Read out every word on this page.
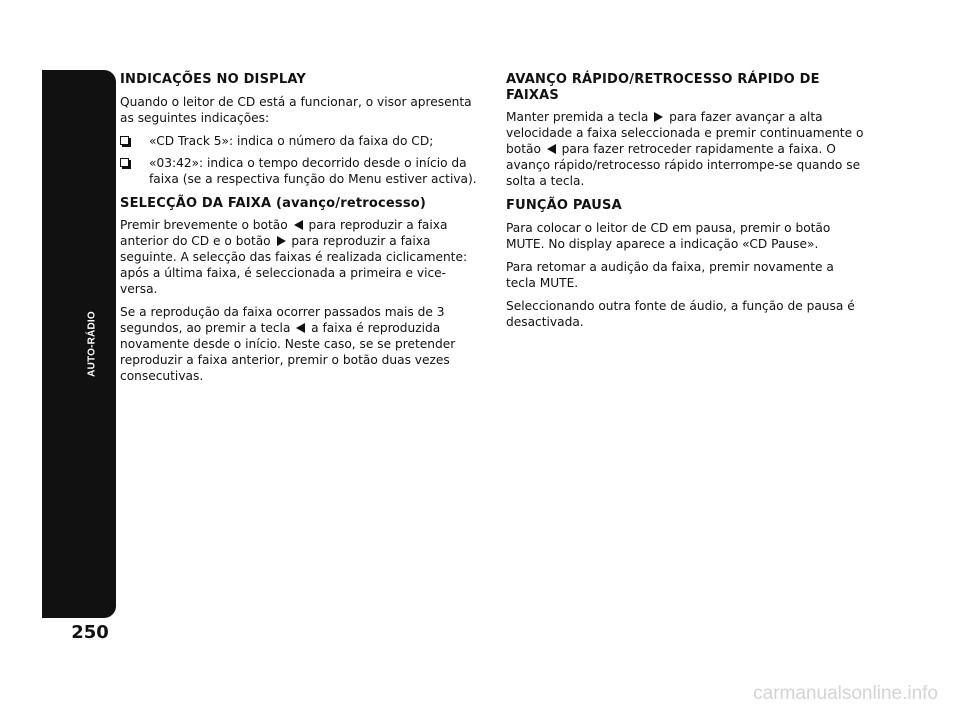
AUTO-RÁDIO
250
INDICAÇÕES NO DISPLAY

Quando o leitor de CD está a funcionar, o visor apresenta as seguintes indicações:

«CD Track 5»: indica o número da faixa do CD;
«03:42»: indica o tempo decorrido desde o início da faixa (se a respectiva função do Menu estiver activa).
SELECÇÃO DA FAIXA (avanço/retrocesso)

Premir brevemente o botão para reproduzir a faixa anterior do CD e o botão para reproduzir a faixa seguinte. A selecção das faixas é realizada ciclicamente: após a última faixa, é seleccionada a primeira e vice-versa.

Se a reprodução da faixa ocorrer passados mais de 3 segundos, ao premir a tecla a faixa é reproduzida novamente desde o início. Neste caso, se se pretender reproduzir a faixa anterior, premir o botão duas vezes consecutivas.

AVANÇO RÁPIDO/RETROCESSO RÁPIDO DE FAIXAS

Manter premida a tecla para fazer avançar a alta velocidade a faixa seleccionada e premir continuamente o botão para fazer retroceder rapidamente a faixa. O avanço rápido/retrocesso rápido interrompe-se quando se solta a tecla.

FUNÇÃO PAUSA

Para colocar o leitor de CD em pausa, premir o botão MUTE. No display aparece a indicação «CD Pause».

Para retomar a audição da faixa, premir novamente a tecla MUTE.

Seleccionando outra fonte de áudio, a função de pausa é desactivada.

carmanualsonline.info
